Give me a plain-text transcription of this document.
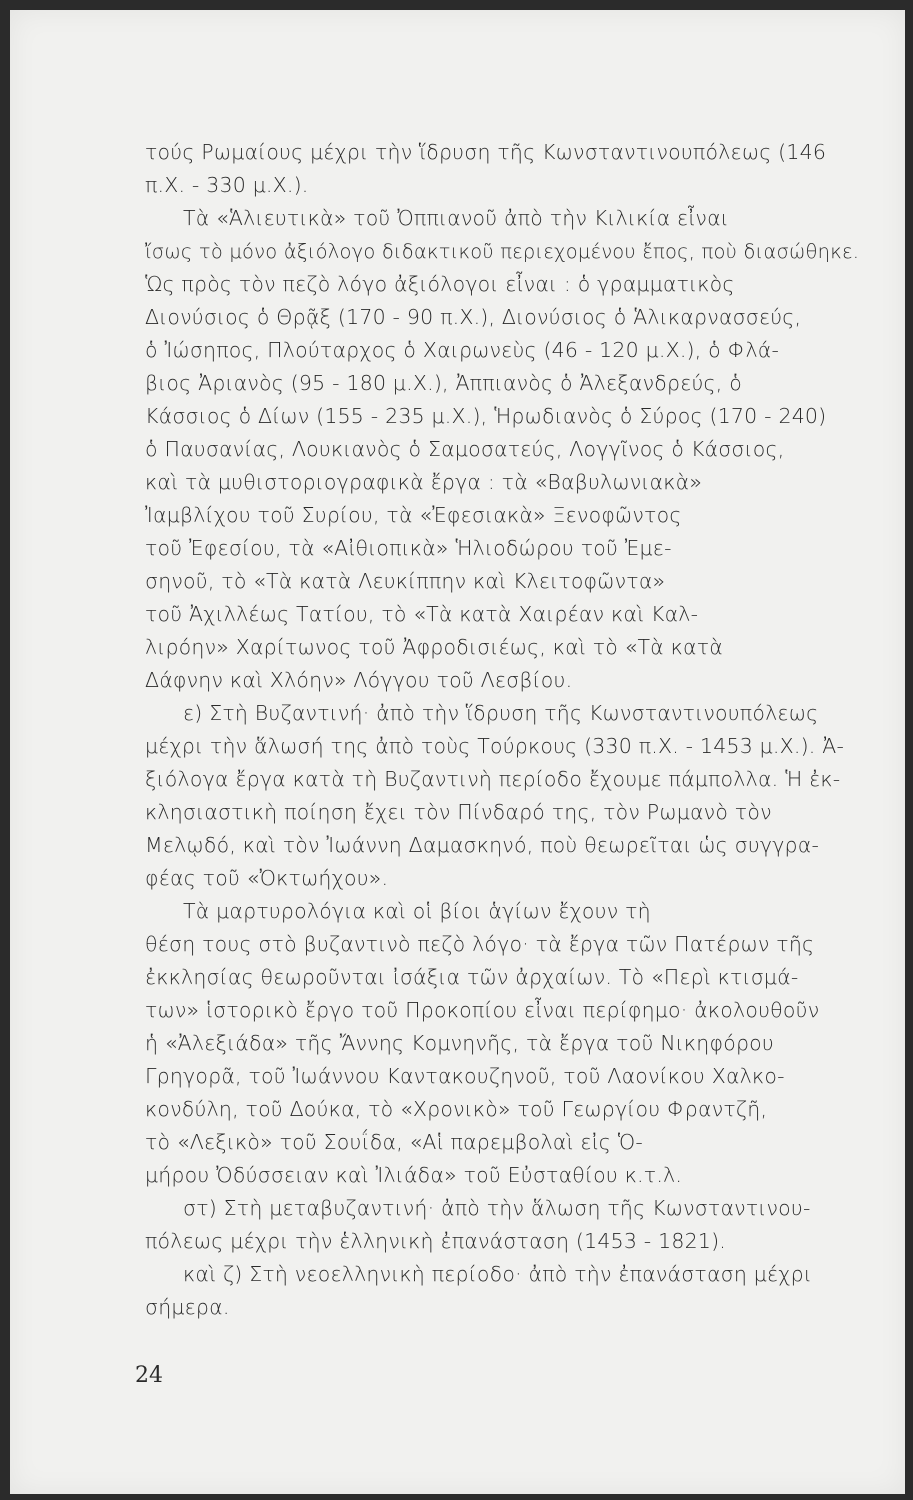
τούς Ρωμαίους μέχρι τὴν ἵδρυση τῆς Κωνσταντινουπόλεως (146
π.Χ. - 330 μ.Χ.).
Τὰ «Ἁλιευτικὰ» τοῦ Ὀππιανοῦ ἀπὸ τὴν Κιλικία εἶναι
ἴσως τὸ μόνο ἀξιόλογο διδακτικοῦ περιεχομένου ἔπος, ποὺ διασώθηκε.
Ὡς πρὸς τὸν πεζὸ λόγο ἀξιόλογοι εἶναι : ὁ γραμματικὸς
Διονύσιος ὁ Θρᾷξ (170 - 90 π.Χ.), Διονύσιος ὁ Ἁλικαρνασσεύς,
ὁ Ἰώσηπος, Πλούταρχος ὁ Χαιρωνεὺς (46 - 120 μ.Χ.), ὁ Φλά-
βιος Ἀριανὸς (95 - 180 μ.Χ.), Ἀππιανὸς ὁ Ἀλεξανδρεύς, ὁ
Κάσσιος ὁ Δίων (155 - 235 μ.Χ.), Ἡρωδιανὸς ὁ Σύρος (170 - 240)
ὁ Παυσανίας, Λουκιανὸς ὁ Σαμοσατεύς, Λογγῖνος ὁ Κάσσιος,
καὶ τὰ μυθιστοριογραφικὰ ἔργα : τὰ «Βαβυλωνιακὰ»
Ἰαμβλίχου τοῦ Συρίου, τὰ «Ἐφεσιακὰ» Ξενοφῶντος
τοῦ Ἐφεσίου, τὰ «Αἰθιοπικὰ» Ἡλιοδώρου τοῦ Ἐμε-
σηνοῦ, τὸ «Τὰ κατὰ Λευκίππην καὶ Κλειτοφῶντα»
τοῦ Ἀχιλλέως Τατίου, τὸ «Τὰ κατὰ Χαιρέαν καὶ Καλ-
λιρόην» Χαρίτωνος τοῦ Ἀφροδισιέως, καὶ τὸ «Τὰ κατὰ
Δάφνην καὶ Χλόην» Λόγγου τοῦ Λεσβίου.
ε) Στὴ Βυζαντινή· ἀπὸ τὴν ἵδρυση τῆς Κωνσταντινουπόλεως
μέχρι τὴν ἅλωσή της ἀπὸ τοὺς Τούρκους (330 π.Χ. - 1453 μ.Χ.). Ἀ-
ξιόλογα ἔργα κατὰ τὴ Βυζαντινὴ περίοδο ἔχουμε πάμπολλα. Ἡ ἐκ-
κλησιαστικὴ ποίηση ἔχει τὸν Πίνδαρό της, τὸν Ρωμανὸ τὸν
Μελῳδό, καὶ τὸν Ἰωάννη Δαμασκηνό, ποὺ θεωρεῖται ὡς συγγρα-
φέας τοῦ «Ὀκτωήχου».
Τὰ μαρτυρολόγια καὶ οἱ βίοι ἁγίων ἔχουν τὴ
θέση τους στὸ βυζαντινὸ πεζὸ λόγο· τὰ ἔργα τῶν Πατέρων τῆς
ἐκκλησίας θεωροῦνται ἰσάξια τῶν ἀρχαίων. Τὸ «Περὶ κτισμά-
των» ἱστορικὸ ἔργο τοῦ Προκοπίου εἶναι περίφημο· ἀκολουθοῦν
ἡ «Ἀλεξιάδα» τῆς Ἄννης Κομνηνῆς, τὰ ἔργα τοῦ Νικηφόρου
Γρηγορᾶ, τοῦ Ἰωάννου Καντακουζηνοῦ, τοῦ Λαονίκου Χαλκο-
κονδύλη, τοῦ Δούκα, τὸ «Χρονικὸ» τοῦ Γεωργίου Φραντζῆ,
τὸ «Λεξικὸ» τοῦ Σουΐδα, «Αἱ παρεμβολαὶ εἰς Ὁ-
μήρου Ὀδύσσειαν καὶ Ἰλιάδα» τοῦ Εὐσταθίου κ.τ.λ.
στ) Στὴ μεταβυζαντινή· ἀπὸ τὴν ἅλωση τῆς Κωνσταντινου-
πόλεως μέχρι τὴν ἑλληνικὴ ἐπανάσταση (1453 - 1821).
καὶ ζ) Στὴ νεοελληνικὴ περίοδο· ἀπὸ τὴν ἐπανάσταση μέχρι
σήμερα.
24
